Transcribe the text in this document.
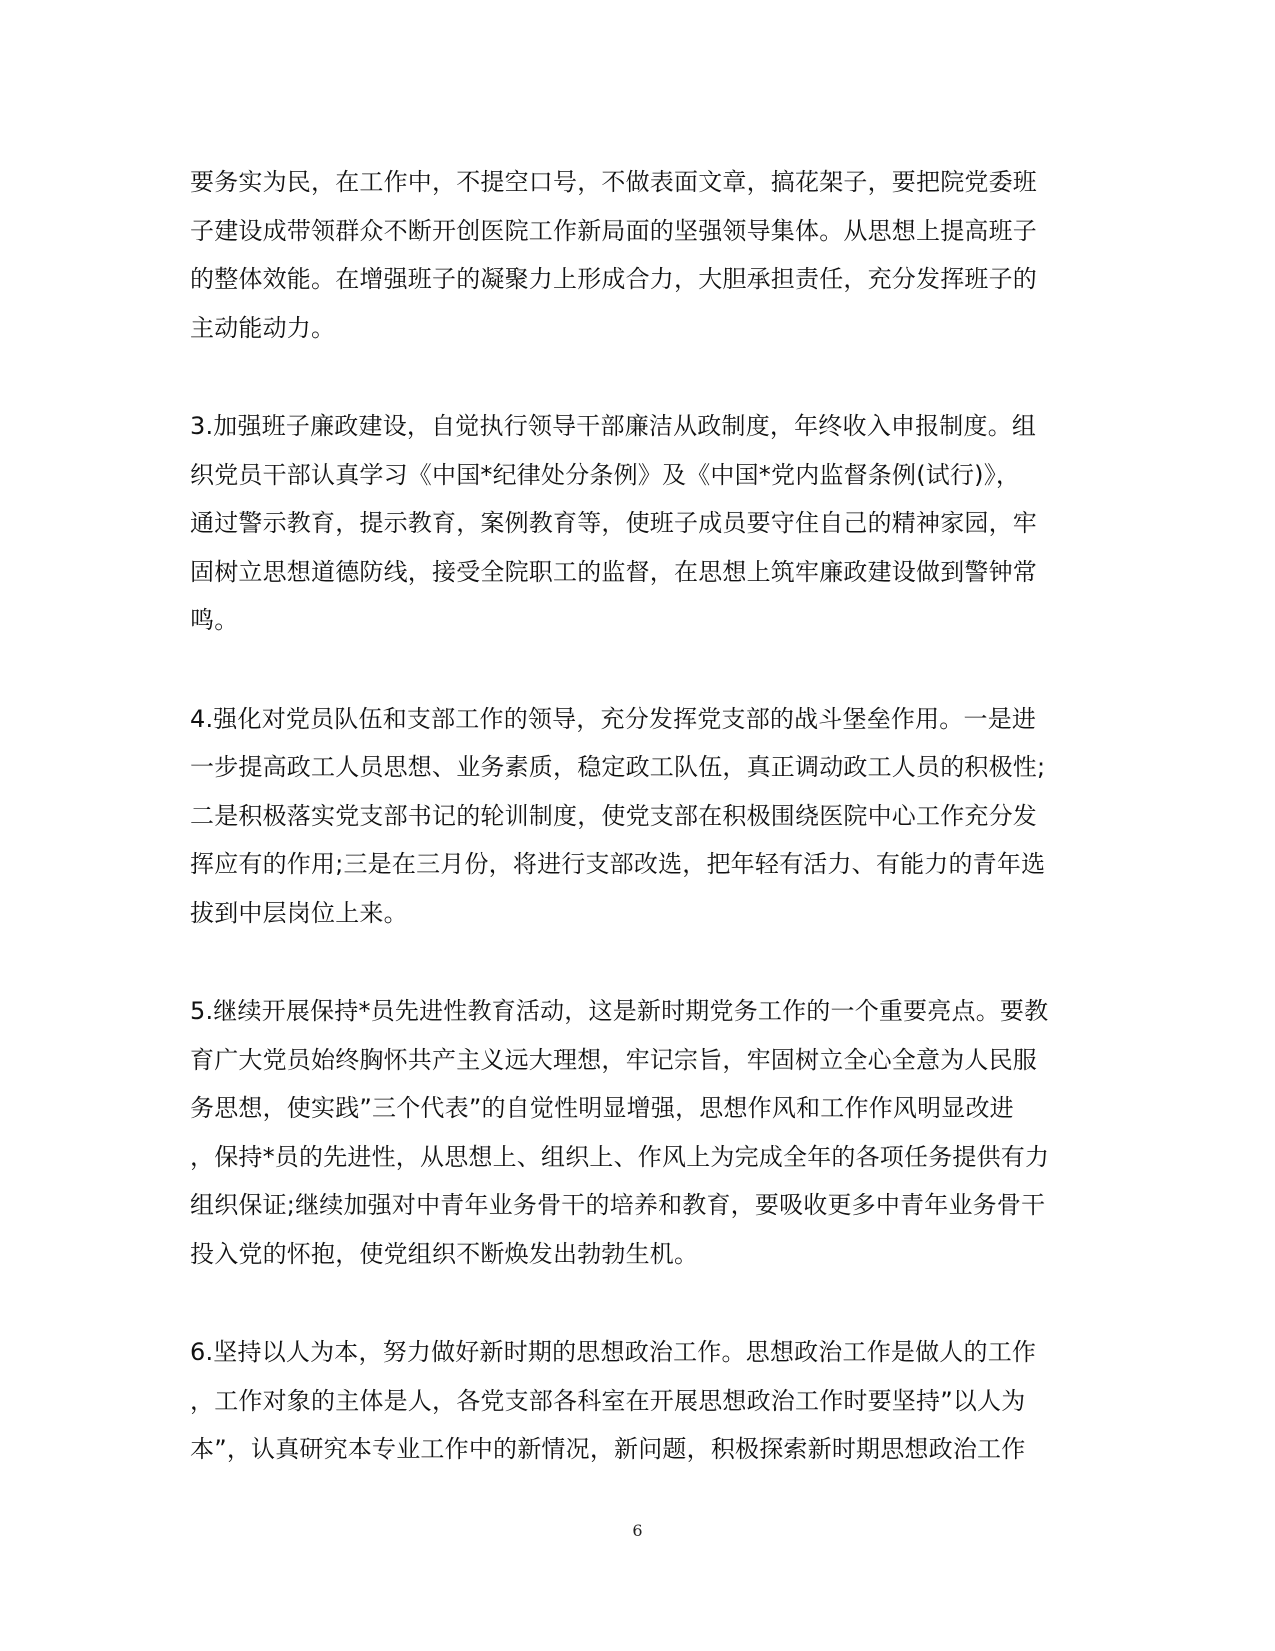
要务实为民，在工作中，不提空口号，不做表面文章，搞花架子，要把院党委班
子建设成带领群众不断开创医院工作新局面的坚强领导集体。从思想上提高班子
的整体效能。在增强班子的凝聚力上形成合力，大胆承担责任，充分发挥班子的
主动能动力。

3.加强班子廉政建设，自觉执行领导干部廉洁从政制度，年终收入申报制度。组
织党员干部认真学习《中国*纪律处分条例》及《中国*党内监督条例(试行)》，
通过警示教育，提示教育，案例教育等，使班子成员要守住自己的精神家园，牢
固树立思想道德防线，接受全院职工的监督，在思想上筑牢廉政建设做到警钟常
鸣。

4.强化对党员队伍和支部工作的领导，充分发挥党支部的战斗堡垒作用。一是进
一步提高政工人员思想、业务素质，稳定政工队伍，真正调动政工人员的积极性;
二是积极落实党支部书记的轮训制度，使党支部在积极围绕医院中心工作充分发
挥应有的作用;三是在三月份，将进行支部改选，把年轻有活力、有能力的青年选
拔到中层岗位上来。

5.继续开展保持*员先进性教育活动，这是新时期党务工作的一个重要亮点。要教
育广大党员始终胸怀共产主义远大理想，牢记宗旨，牢固树立全心全意为人民服
务思想，使实践”三个代表”的自觉性明显增强，思想作风和工作作风明显改进
，保持*员的先进性，从思想上、组织上、作风上为完成全年的各项任务提供有力
组织保证;继续加强对中青年业务骨干的培养和教育，要吸收更多中青年业务骨干
投入党的怀抱，使党组织不断焕发出勃勃生机。

6.坚持以人为本，努力做好新时期的思想政治工作。思想政治工作是做人的工作
，工作对象的主体是人，各党支部各科室在开展思想政治工作时要坚持”以人为
本”，认真研究本专业工作中的新情况，新问题，积极探索新时期思想政治工作

6
